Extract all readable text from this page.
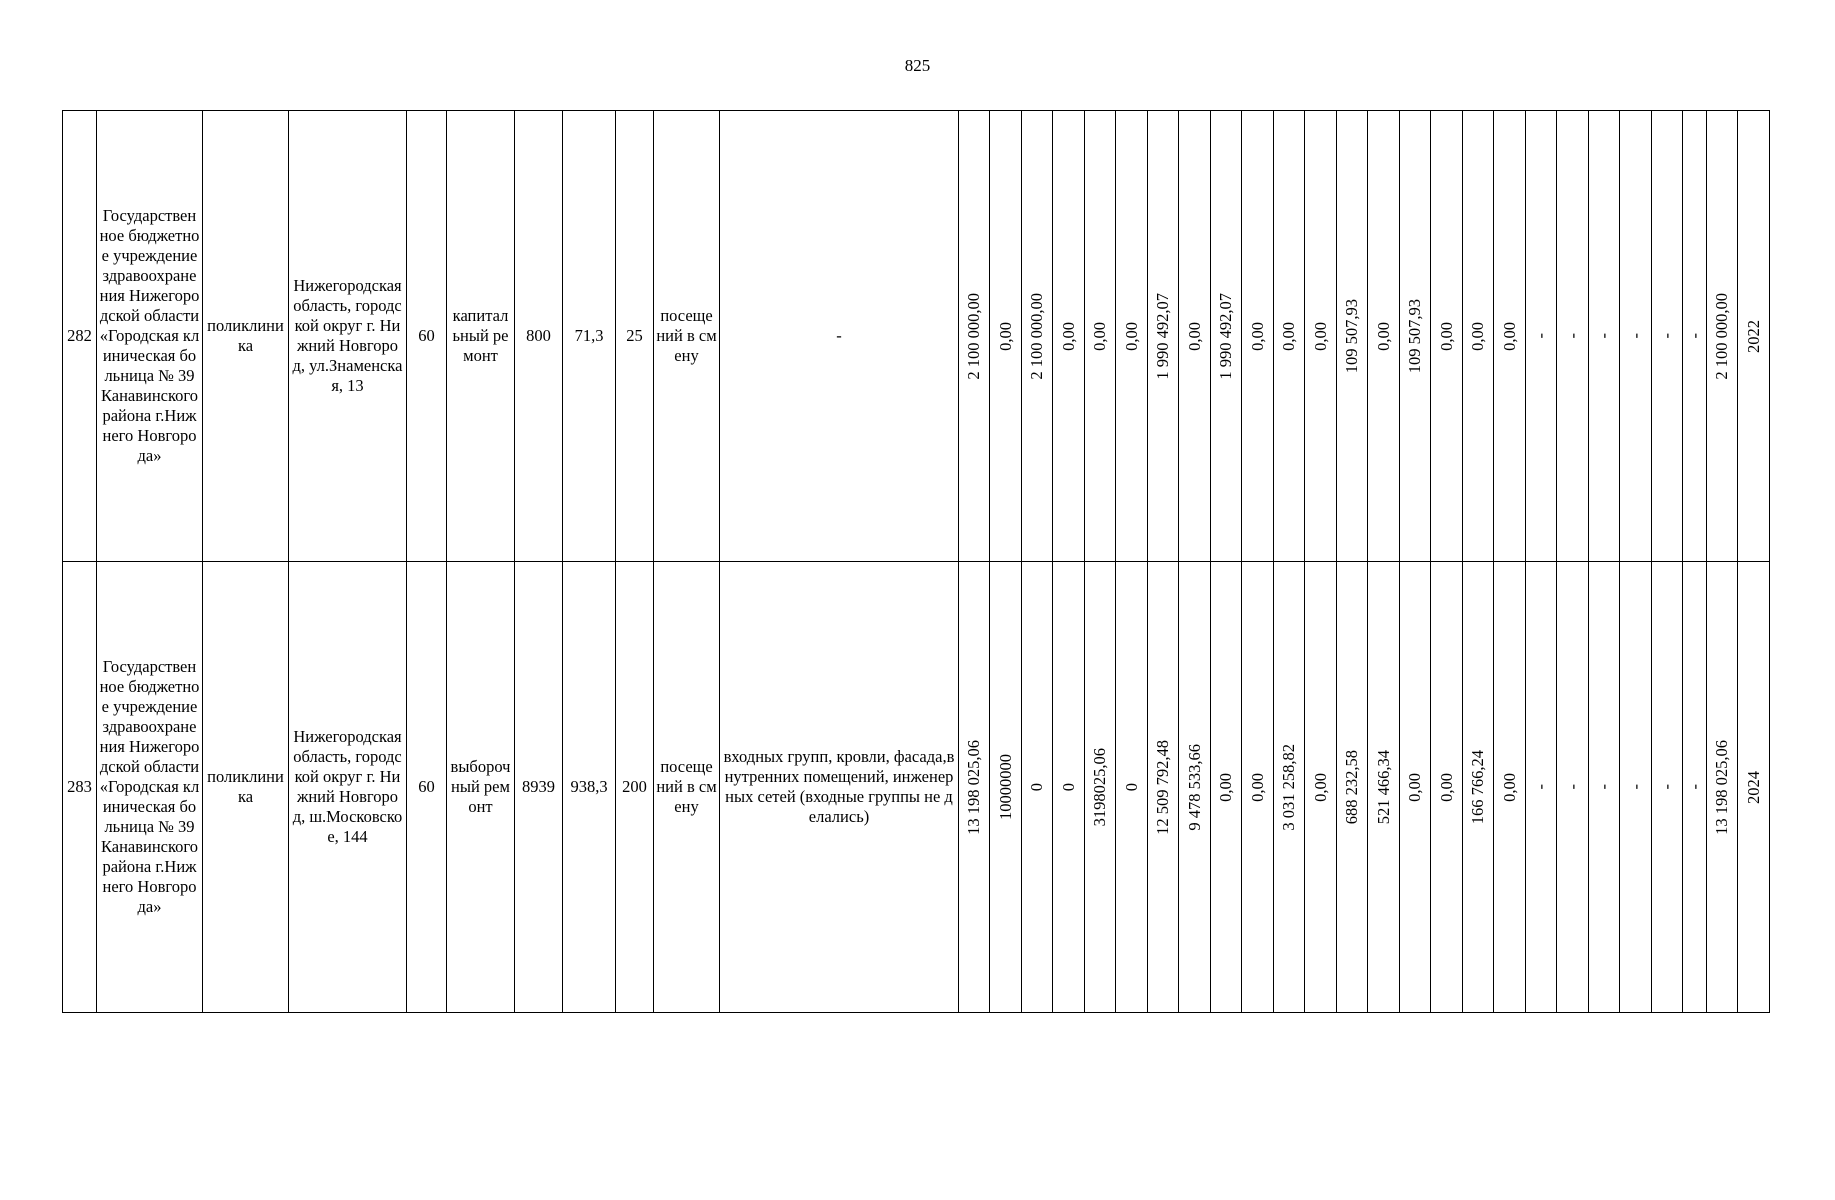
825
282	Государственное бюджетное учреждение здравоохранения Нижегородской области «Городская клиническая больница № 39 Канавинского района г.Нижнего Новгорода»	поликлиника	Нижегородская область, городской округ г. Нижний Новгород, ул.Знаменская, 13	60	капитальный ремонт	800	71,3	25	посещений в смену	-	2 100 000,00	0,00	2 100 000,00	0,00	0,00	0,00	1 990 492,07	0,00	1 990 492,07	0,00	0,00	0,00	109 507,93	0,00	109 507,93	0,00	0,00	0,00	-	-	-	-	-	-	2 100 000,00	2022

283	Государственное бюджетное учреждение здравоохранения Нижегородской области «Городская клиническая больница № 39 Канавинского района г.Нижнего Новгорода»	поликлиника	Нижегородская область, городской округ г. Нижний Новгород, ш.Московское, 144	60	выборочный ремонт	8939	938,3	200	посещений в смену	входных групп, кровли, фасада,внутренних помещений, инженерных сетей (входные группы не делались)	13 198 025,06	10000000	0	0	3198025,06	0	12 509 792,48	9 478 533,66	0,00	0,00	3 031 258,82	0,00	688 232,58	521 466,34	0,00	0,00	166 766,24	0,00	-	-	-	-	-	-	13 198 025,06	2024
